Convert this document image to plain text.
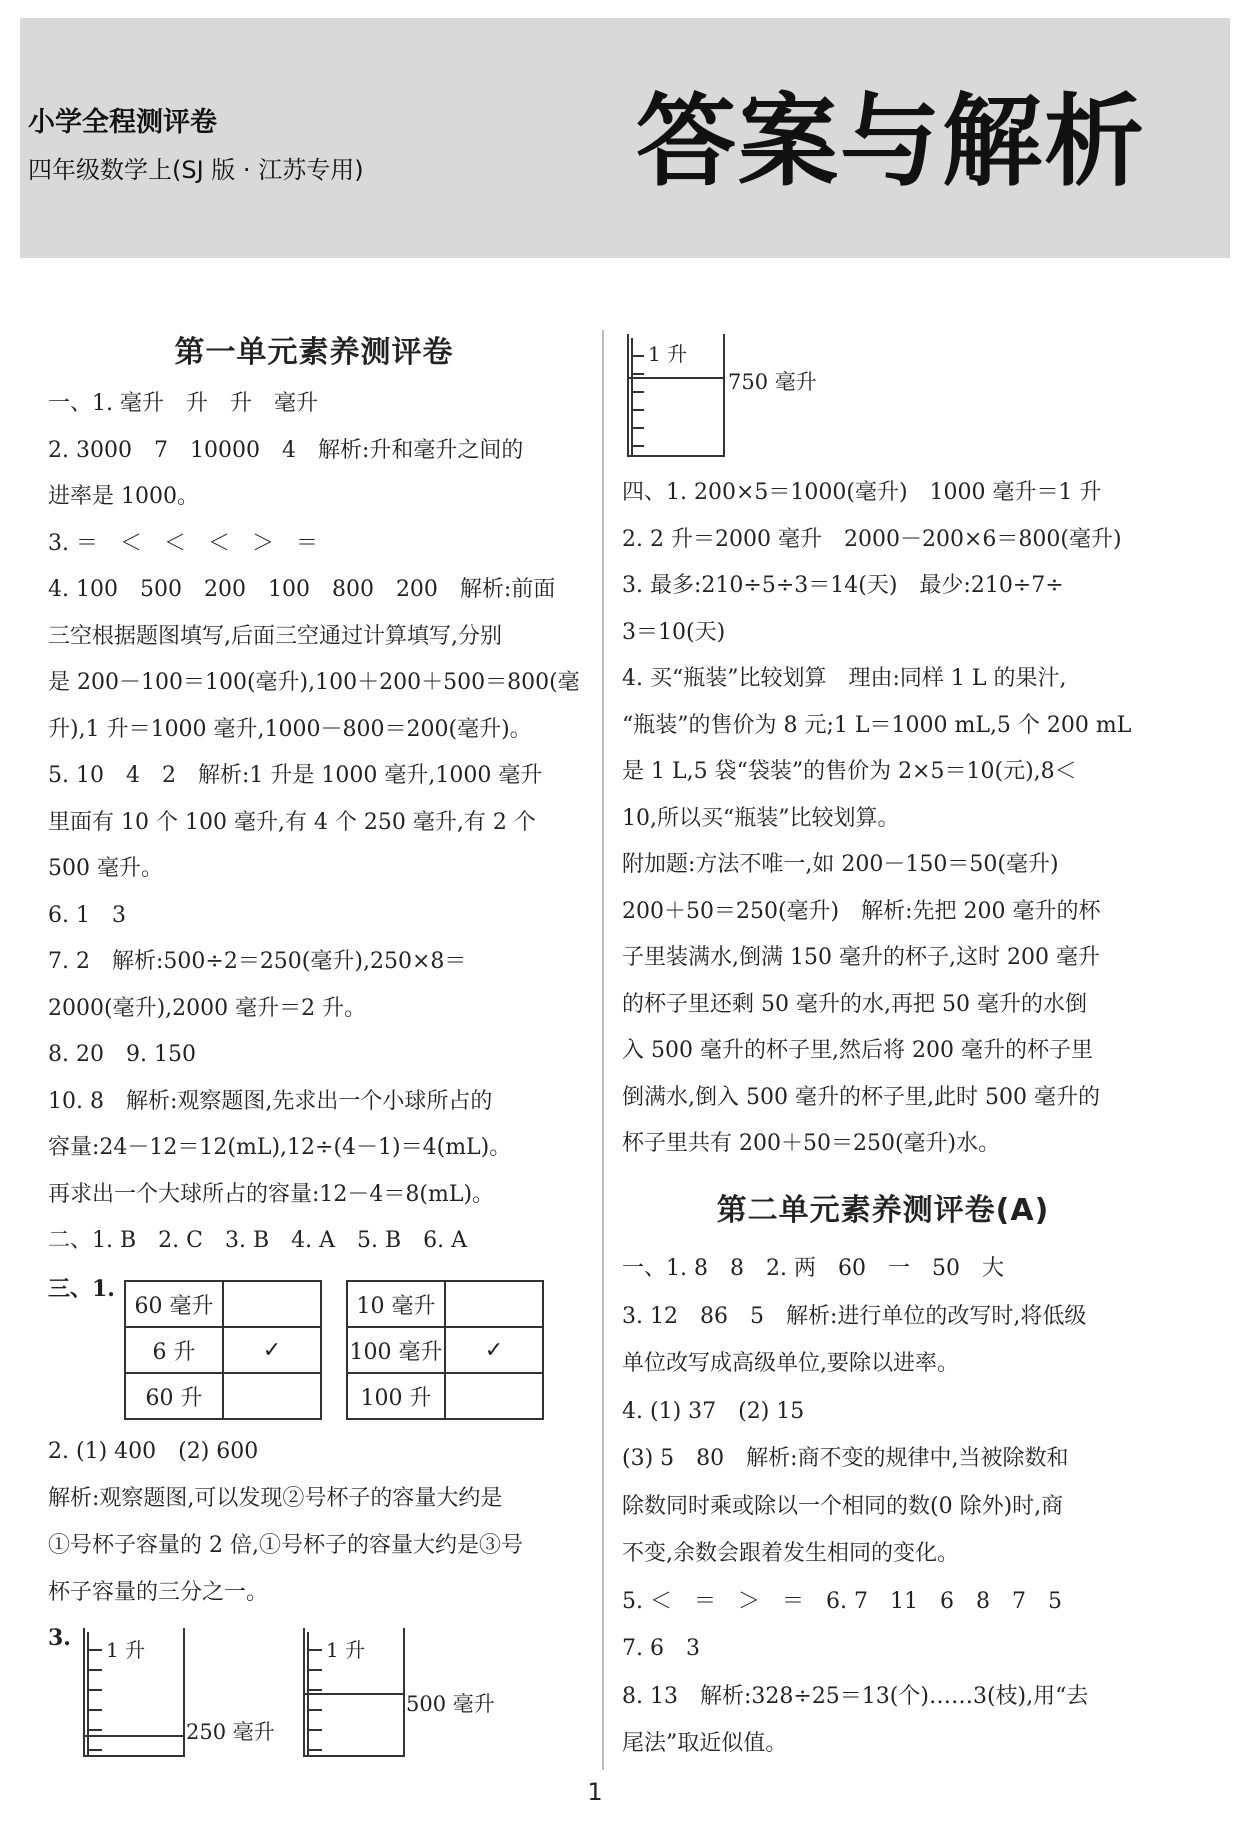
小学全程测评卷
四年级数学上(SJ 版 · 江苏专用)	答案与解析
第一单元素养测评卷
一、1. 毫升　升　升　毫升
2. 3000　7　10000　4　解析:升和毫升之间的
进率是 1000。
3. ＝　＜　＜　＜　＞　＝
4. 100　500　200　100　800　200　解析:前面
三空根据题图填写,后面三空通过计算填写,分别
是 200－100＝100(毫升),100＋200＋500＝800(毫
升),1 升＝1000 毫升,1000－800＝200(毫升)。
5. 10　4　2　解析:1 升是 1000 毫升,1000 毫升
里面有 10 个 100 毫升,有 4 个 250 毫升,有 2 个
500 毫升。
6. 1　3
7. 2　解析:500÷2＝250(毫升),250×8＝
2000(毫升),2000 毫升＝2 升。
8. 20　9. 150
10. 8　解析:观察题图,先求出一个小球所占的
容量:24－12＝12(mL),12÷(4－1)＝4(mL)。
再求出一个大球所占的容量:12－4＝8(mL)。
二、1. B　2. C　3. B　4. A　5. B　6. A
三、1.
60 毫升	
6 升	✓
60 升	
10 毫升	
100 毫升	✓
100 升	
2. (1) 400　(2) 600
解析:观察题图,可以发现②号杯子的容量大约是
①号杯子容量的 2 倍,①号杯子的容量大约是③号
杯子容量的三分之一。
3. 1 升
250 毫升
1 升
500 毫升
1 升
750 毫升
四、1. 200×5＝1000(毫升)　1000 毫升＝1 升
2. 2 升＝2000 毫升　2000－200×6＝800(毫升)
3. 最多:210÷5÷3＝14(天)　最少:210÷7÷
3＝10(天)
4. 买“瓶装”比较划算　理由:同样 1 L 的果汁,
“瓶装”的售价为 8 元;1 L＝1000 mL,5 个 200 mL
是 1 L,5 袋“袋装”的售价为 2×5＝10(元),8＜
10,所以买“瓶装”比较划算。
附加题:方法不唯一,如 200－150＝50(毫升)
200＋50＝250(毫升)　解析:先把 200 毫升的杯
子里装满水,倒满 150 毫升的杯子,这时 200 毫升
的杯子里还剩 50 毫升的水,再把 50 毫升的水倒
入 500 毫升的杯子里,然后将 200 毫升的杯子里
倒满水,倒入 500 毫升的杯子里,此时 500 毫升的
杯子里共有 200＋50＝250(毫升)水。
第二单元素养测评卷(A)
一、1. 8　8　2. 两　60　一　50　大
3. 12　86　5　解析:进行单位的改写时,将低级
单位改写成高级单位,要除以进率。
4. (1) 37　(2) 15
(3) 5　80　解析:商不变的规律中,当被除数和
除数同时乘或除以一个相同的数(0 除外)时,商
不变,余数会跟着发生相同的变化。
5. ＜　＝　＞　＝　6. 7　11　6　8　7　5
7. 6　3
8. 13　解析:328÷25＝13(个)……3(枝),用“去
尾法”取近似值。
1
